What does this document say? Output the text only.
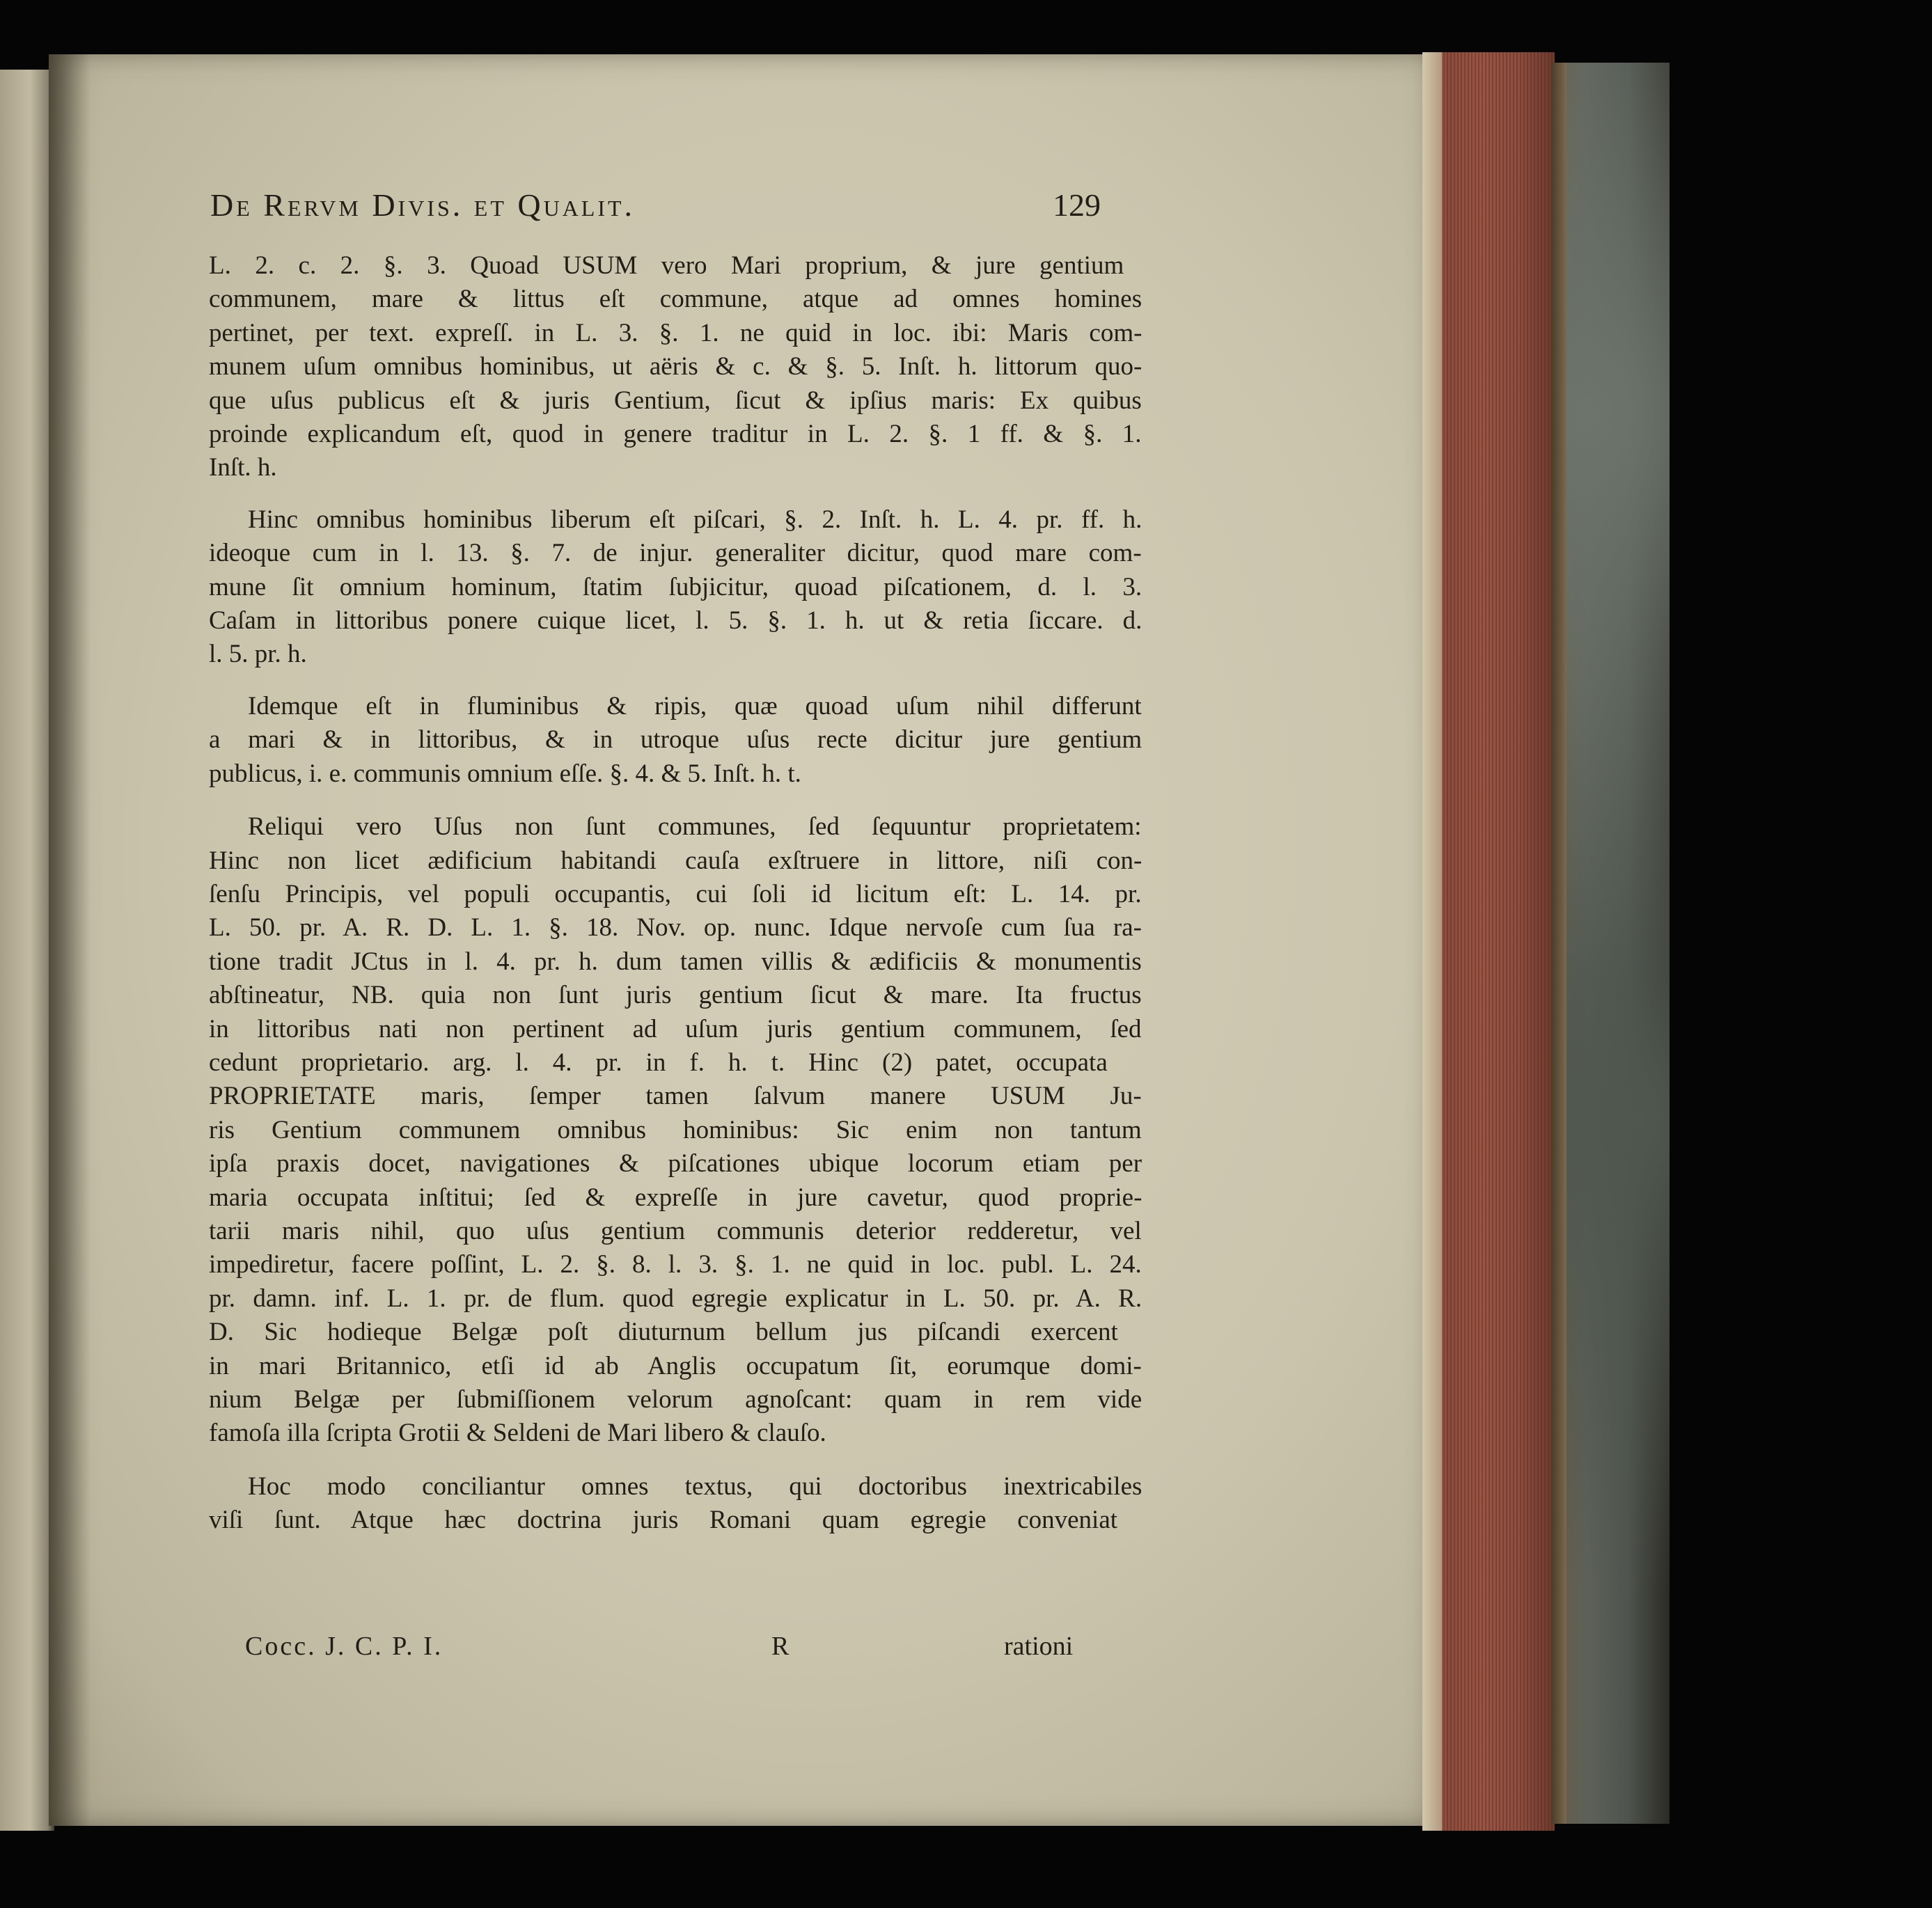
De Rervm Divis. et Qualit.	129

L. 2. c. 2. §. 3. Quoad USUM vero Mari proprium, & jure gentium
communem, mare & littus eſt commune, atque ad omnes homines
pertinet, per text. expreſſ. in L. 3. §. 1. ne quid in loc. ibi: Maris com-
munem uſum omnibus hominibus, ut aëris & c. & §. 5. Inſt. h. littorum quo-
que uſus publicus eſt & juris Gentium, ſicut & ipſius maris: Ex quibus
proinde explicandum eſt, quod in genere traditur in L. 2. §. 1 ff. & §. 1.
Inſt. h.

Hinc omnibus hominibus liberum eſt piſcari, §. 2. Inſt. h. L. 4. pr. ff. h.
ideoque cum in l. 13. §. 7. de injur. generaliter dicitur, quod mare com-
mune ſit omnium hominum, ſtatim ſubjicitur, quoad piſcationem, d. l. 3.
Caſam in littoribus ponere cuique licet, l. 5. §. 1. h. ut & retia ſiccare. d.
l. 5. pr. h.

Idemque eſt in fluminibus & ripis, quæ quoad uſum nihil differunt
a mari & in littoribus, & in utroque uſus recte dicitur jure gentium
publicus, i. e. communis omnium eſſe. §. 4. & 5. Inſt. h. t.

Reliqui vero Uſus non ſunt communes, ſed ſequuntur proprietatem:
Hinc non licet ædificium habitandi cauſa exſtruere in littore, niſi con-
ſenſu Principis, vel populi occupantis, cui ſoli id licitum eſt: L. 14. pr.
L. 50. pr. A. R. D. L. 1. §. 18. Nov. op. nunc. Idque nervoſe cum ſua ra-
tione tradit JCtus in l. 4. pr. h. dum tamen villis & ædificiis & monumentis
abſtineatur, NB. quia non ſunt juris gentium ſicut & mare. Ita fructus
in littoribus nati non pertinent ad uſum juris gentium communem, ſed
cedunt proprietario. arg. l. 4. pr. in f. h. t. Hinc (2) patet, occupata
PROPRIETATE maris, ſemper tamen ſalvum manere USUM Ju-
ris Gentium communem omnibus hominibus: Sic enim non tantum
ipſa praxis docet, navigationes & piſcationes ubique locorum etiam per
maria occupata inſtitui; ſed & expreſſe in jure cavetur, quod proprie-
tarii maris nihil, quo uſus gentium communis deterior redderetur, vel
impediretur, facere poſſint, L. 2. §. 8. l. 3. §. 1. ne quid in loc. publ. L. 24.
pr. damn. inf. L. 1. pr. de flum. quod egregie explicatur in L. 50. pr. A. R.
D. Sic hodieque Belgæ poſt diuturnum bellum jus piſcandi exercent
in mari Britannico, etſi id ab Anglis occupatum ſit, eorumque domi-
nium Belgæ per ſubmiſſionem velorum agnoſcant: quam in rem vide
famoſa illa ſcripta Grotii & Seldeni de Mari libero & clauſo.

Hoc modo conciliantur omnes textus, qui doctoribus inextricabiles
viſi ſunt. Atque hæc doctrina juris Romani quam egregie conveniat

Cocc. J. C. P. I.	R	rationi
